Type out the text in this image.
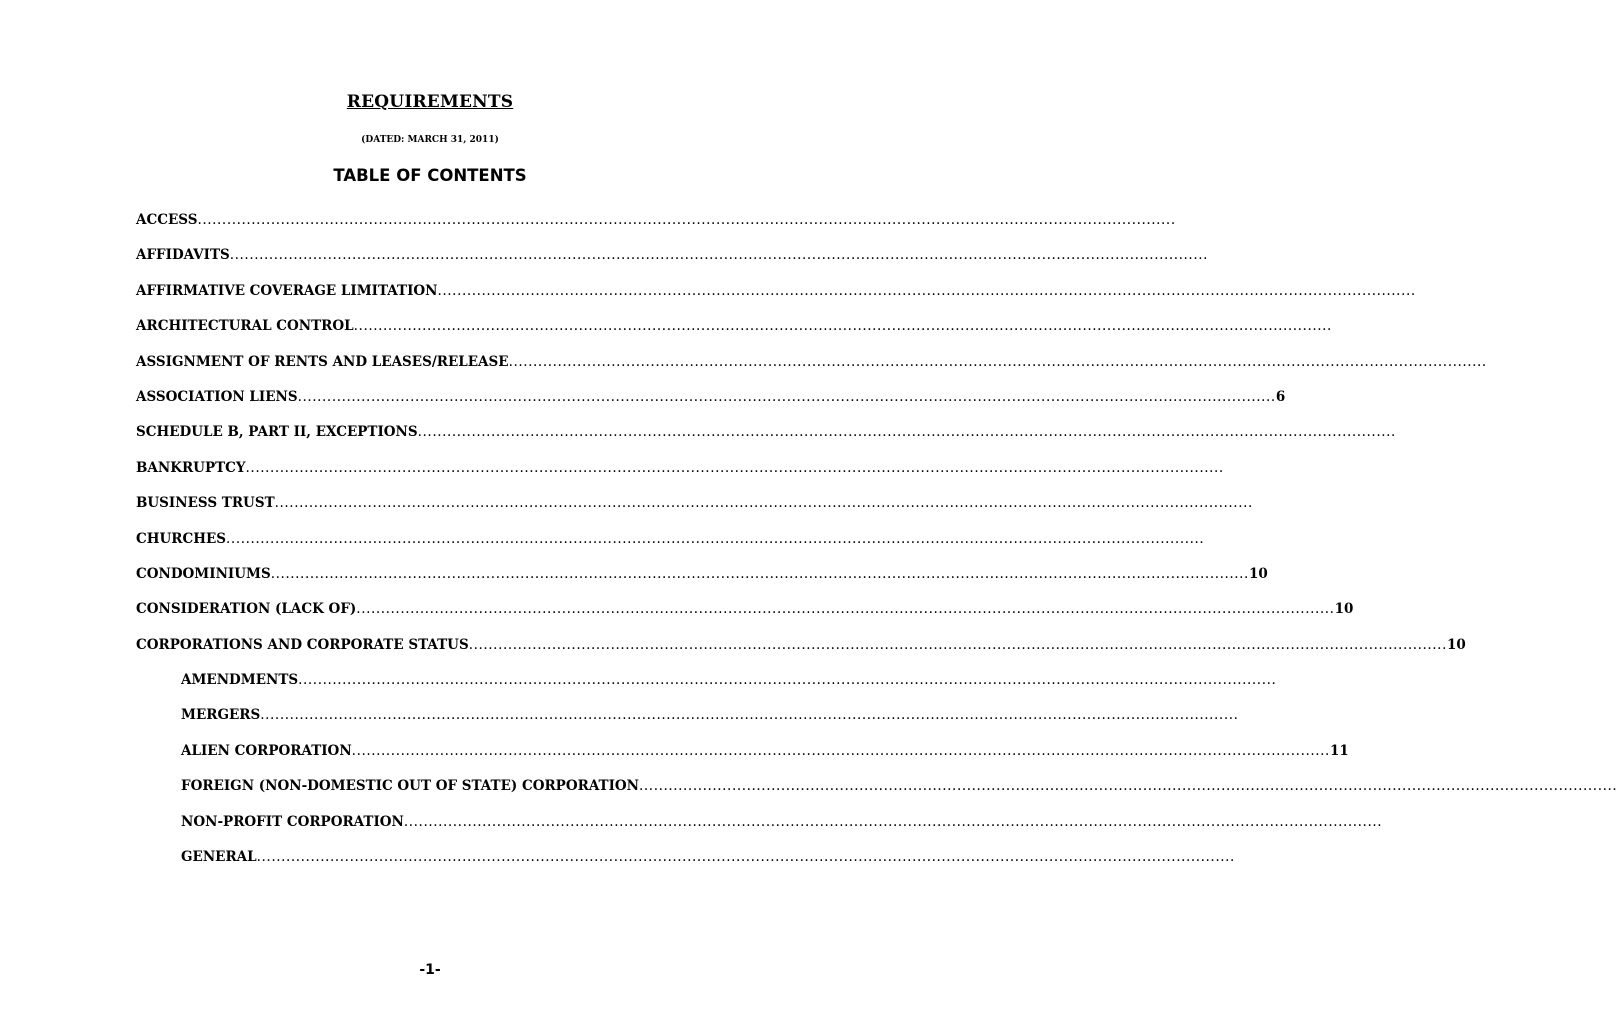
REQUIREMENTS
(DATED: MARCH 31, 2011)
TABLE OF CONTENTS
ACCESS ........................................................................................................................................................................................................
AFFIDAVITS ........................................................................................................................................................................................................
AFFIRMATIVE COVERAGE LIMITATION ........................................................................................................................................................................................................
ARCHITECTURAL CONTROL ........................................................................................................................................................................................................
ASSIGNMENT OF RENTS AND LEASES/RELEASE ........................................................................................................................................................................................................
ASSOCIATION LIENS ........................................................................................................................................................................................................ 6
SCHEDULE B, PART II, EXCEPTIONS ........................................................................................................................................................................................................
BANKRUPTCY ........................................................................................................................................................................................................
BUSINESS TRUST ........................................................................................................................................................................................................
CHURCHES ........................................................................................................................................................................................................
CONDOMINIUMS ........................................................................................................................................................................................................ 10
CONSIDERATION (LACK OF) ........................................................................................................................................................................................................ 10
CORPORATIONS AND CORPORATE STATUS ........................................................................................................................................................................................................ 10
AMENDMENTS ........................................................................................................................................................................................................
MERGERS ........................................................................................................................................................................................................
ALIEN CORPORATION ........................................................................................................................................................................................................ 11
FOREIGN (NON-DOMESTIC OUT OF STATE) CORPORATION ........................................................................................................................................................................................................
NON-PROFIT CORPORATION ........................................................................................................................................................................................................
GENERAL ........................................................................................................................................................................................................
-1-
